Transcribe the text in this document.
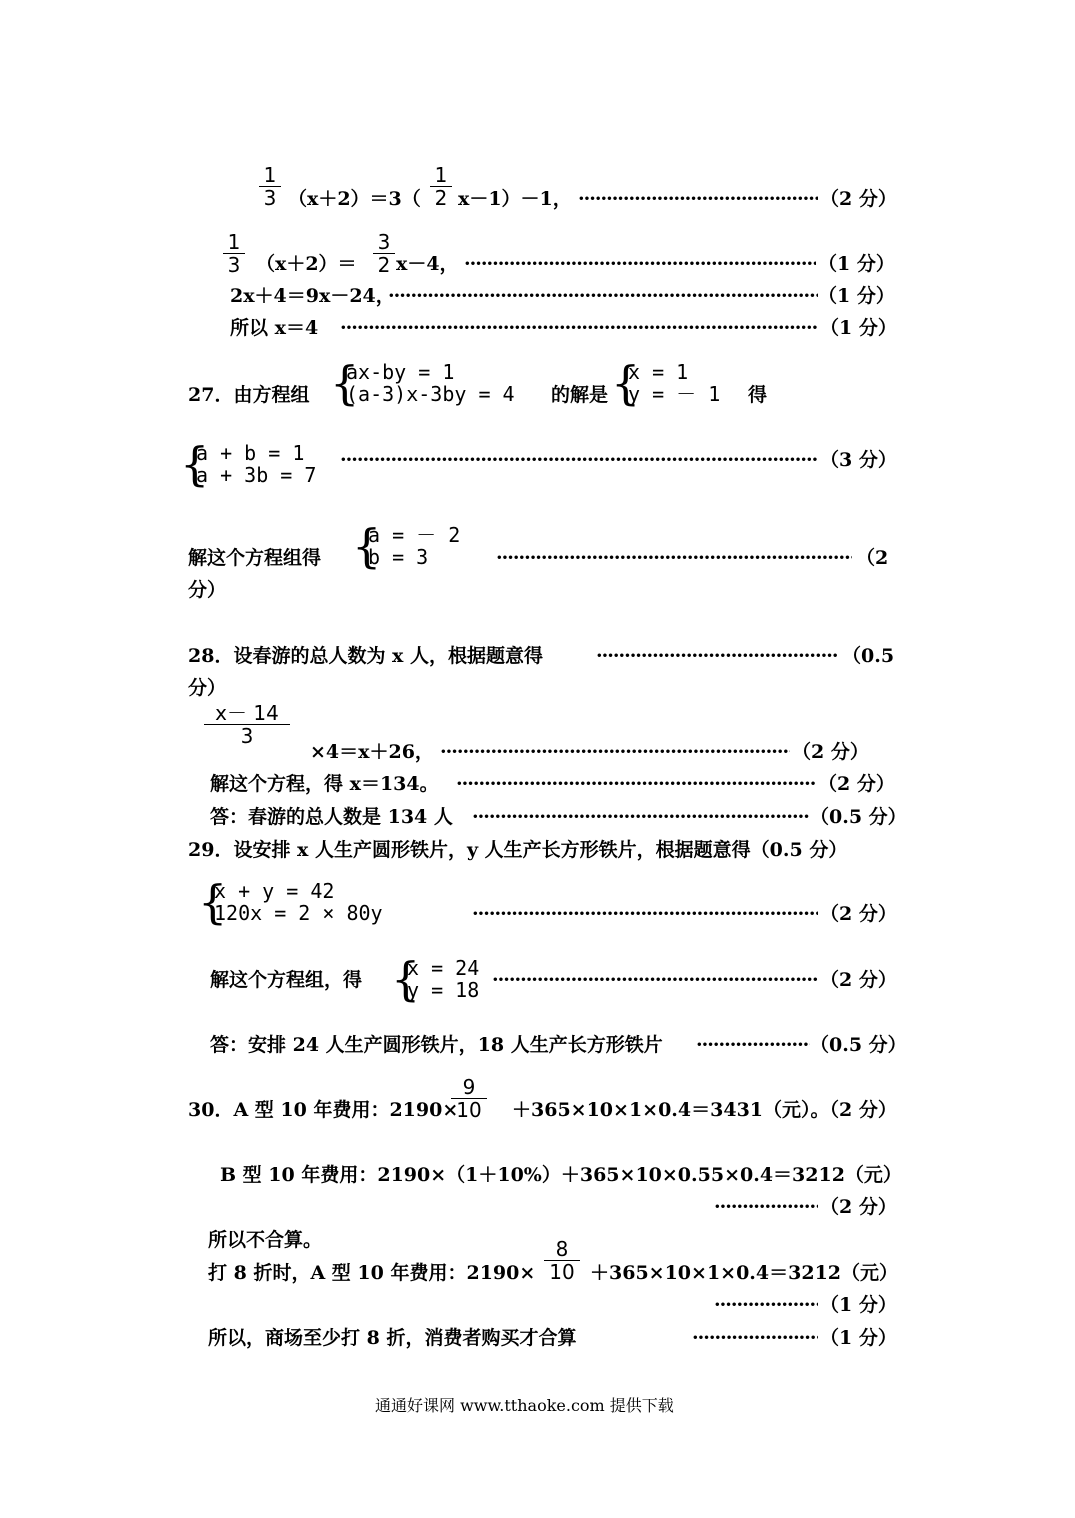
1
3 （x＋2）＝3（
1
2 x－1）－1， ·····	（2 分）
1
3 （x＋2）＝
3
2 x－4， ·····	（1 分）
2x＋4＝9x－24， ·····	（1 分）
所以 x＝4 ·····	（1 分）
27．由方程组 {
ax-by = 1
(a-3)x-3by = 4 的解是 {
x = 1
y = － 1 得
{
a + b = 1
a + 3b = 7
·····
（3 分）
解这个方程组得 {
a = － 2
b = 3 ·····	（2
分）
28．设春游的总人数为 x 人，根据题意得 ·····	（0.5
分）
x－ 14
3
×4＝x＋26， ·····	（2 分）
解这个方程，得 x＝134。 ·····	（2 分）
答：春游的总人数是 134 人 ·····	（0.5 分）
29．设安排 x 人生产圆形铁片，y 人生产长方形铁片，根据题意得（0.5 分）
{
x + y = 42
120x = 2 × 80y ·····	（2 分）
解这个方程组，得 {
x = 24
y = 18 ·····	（2 分）
答：安排 24 人生产圆形铁片，18 人生产长方形铁片 ·····	（0.5 分）
30．A 型 10 年费用：2190×
9
10 ＋365×10×1×0.4＝3431（元）。（2 分）
B 型 10 年费用：2190×（1＋10%）＋365×10×0.55×0.4＝3212（元）
·····
（2 分）
所以不合算。
打 8 折时，A 型 10 年费用：2190×
8
10 ＋365×10×1×0.4＝3212（元）
·····
（1 分）
所以，商场至少打 8 折，消费者购买才合算 ·····	（1 分）
通通好课网 www.tthaoke.com 提供下载
